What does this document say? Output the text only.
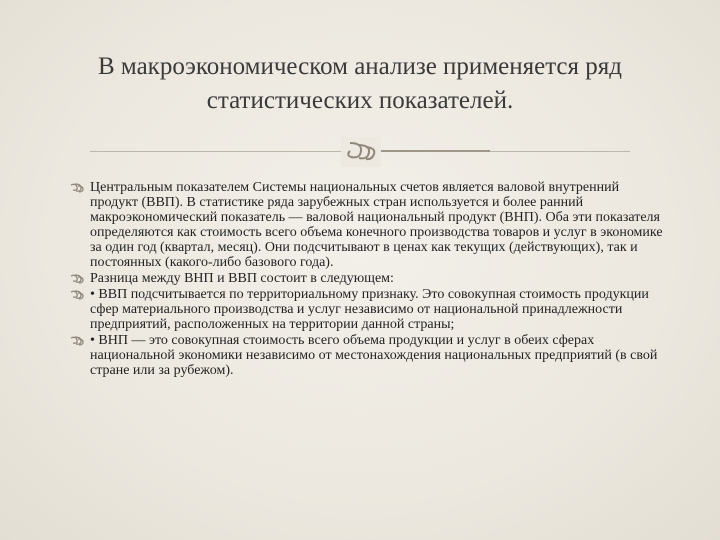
В макроэкономическом анализе применяется ряд статистических показателей.
Центральным показателем Системы национальных счетов является валовой внутренний продукт (ВВП). В статистике ряда зарубежных стран используется и более ранний макроэкономический показатель — валовой национальный продукт (ВНП). Оба эти показателя определяются как стоимость всего объема конечного производства товаров и услуг в экономике за один год (квартал, месяц). Они подсчитывают в ценах как текущих (действующих), так и постоянных (какого-либо базового года).
Разница между ВНП и ВВП состоит в следующем:
• ВВП подсчитывается по территориальному признаку. Это совокупная стоимость продукции сфер материального производства и услуг независимо от национальной принадлежности предприятий, расположенных на территории данной страны;
• ВНП — это совокупная стоимость всего объема продукции и услуг в обеих сферах национальной экономики независимо от местонахождения национальных предприятий (в свой стране или за рубежом).
